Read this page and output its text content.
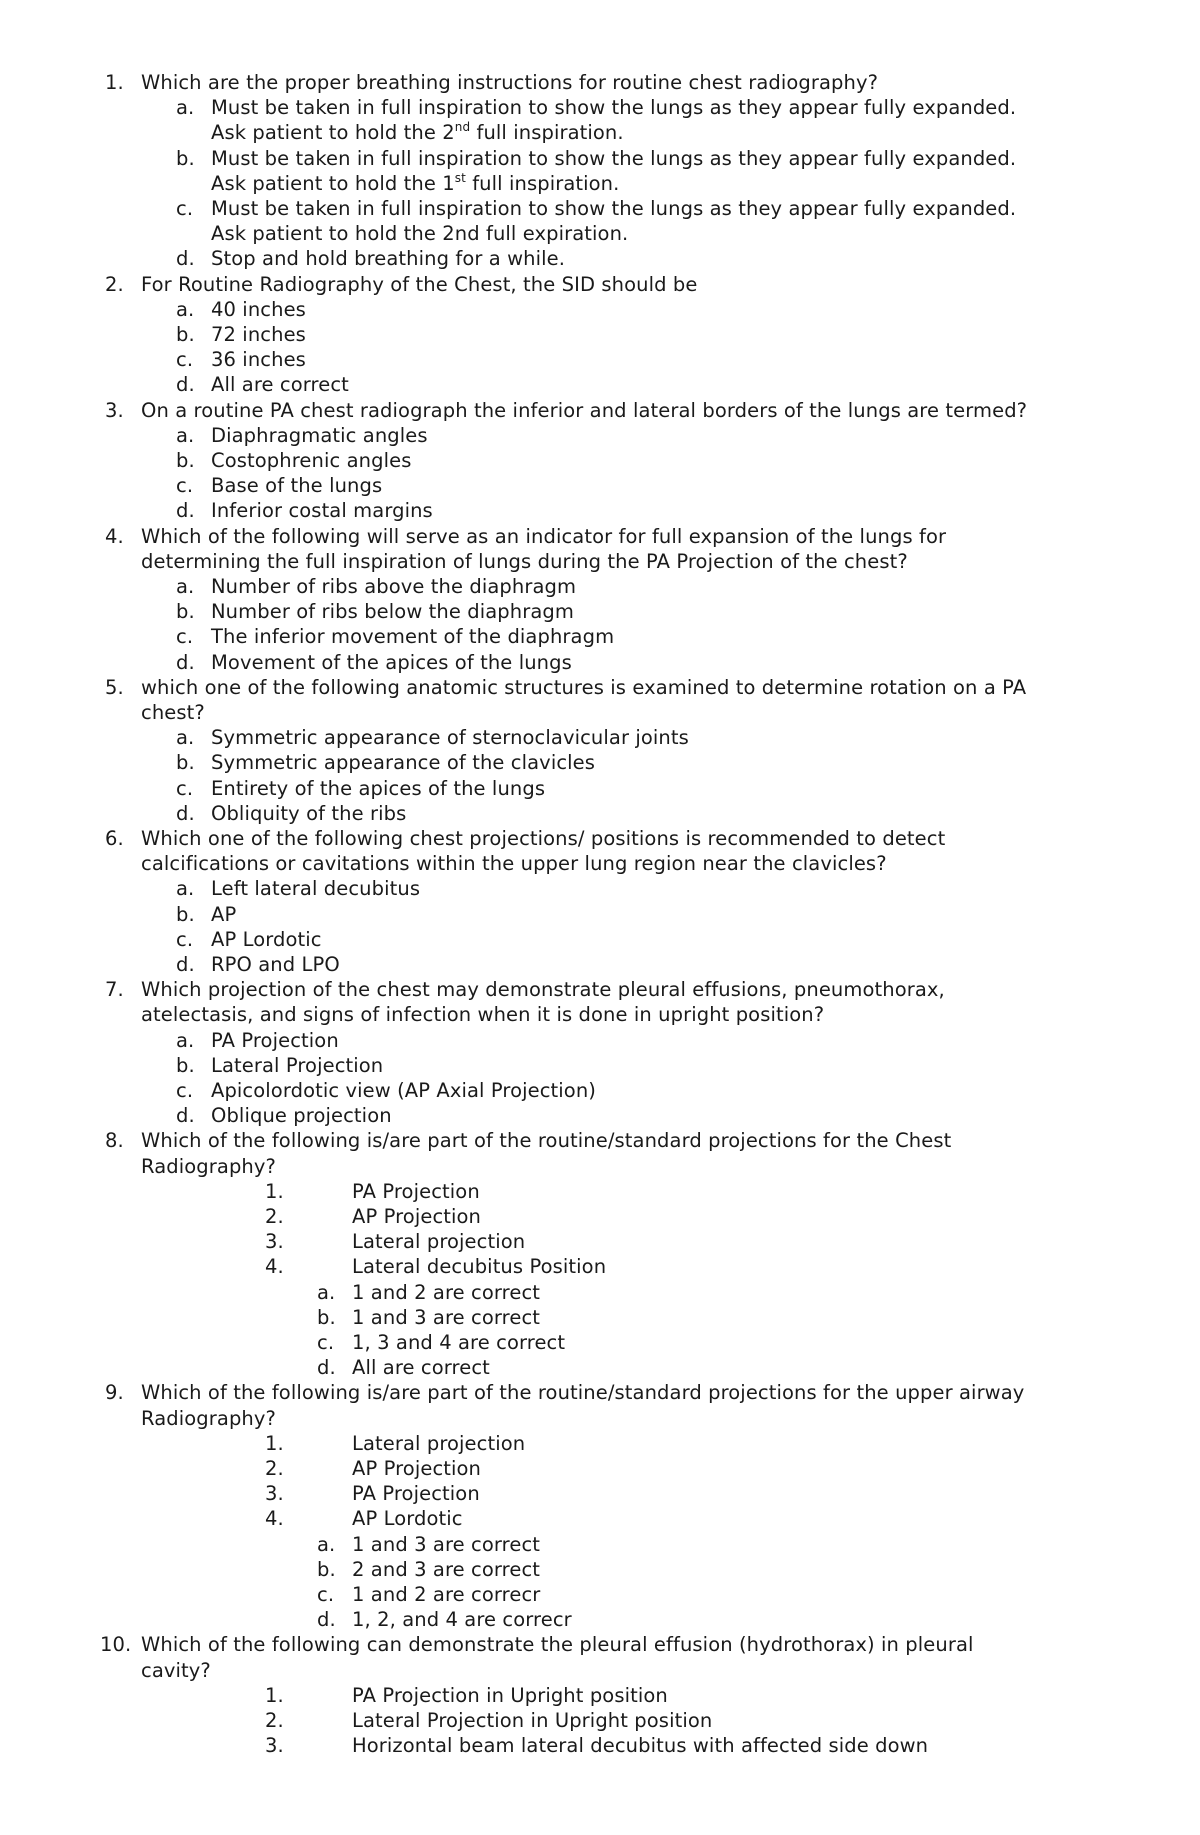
1. Which are the proper breathing instructions for routine chest radiography?
a. Must be taken in full inspiration to show the lungs as they appear fully expanded.
Ask patient to hold the 2nd full inspiration.
b. Must be taken in full inspiration to show the lungs as they appear fully expanded.
Ask patient to hold the 1st full inspiration.
c. Must be taken in full inspiration to show the lungs as they appear fully expanded.
Ask patient to hold the 2nd full expiration.
d. Stop and hold breathing for a while.
2. For Routine Radiography of the Chest, the SID should be
a. 40 inches
b. 72 inches
c. 36 inches
d. All are correct
3. On a routine PA chest radiograph the inferior and lateral borders of the lungs are termed?
a. Diaphragmatic angles
b. Costophrenic angles
c. Base of the lungs
d. Inferior costal margins
4. Which of the following will serve as an indicator for full expansion of the lungs for
determining the full inspiration of lungs during the PA Projection of the chest?
a. Number of ribs above the diaphragm
b. Number of ribs below the diaphragm
c. The inferior movement of the diaphragm
d. Movement of the apices of the lungs
5. which one of the following anatomic structures is examined to determine rotation on a PA
chest?
a. Symmetric appearance of sternoclavicular joints
b. Symmetric appearance of the clavicles
c. Entirety of the apices of the lungs
d. Obliquity of the ribs
6. Which one of the following chest projections/ positions is recommended to detect
calcifications or cavitations within the upper lung region near the clavicles?
a. Left lateral decubitus
b. AP
c. AP Lordotic
d. RPO and LPO
7. Which projection of the chest may demonstrate pleural effusions, pneumothorax,
atelectasis, and signs of infection when it is done in upright position?
a. PA Projection
b. Lateral Projection
c. Apicolordotic view (AP Axial Projection)
d. Oblique projection
8. Which of the following is/are part of the routine/standard projections for the Chest
Radiography?
1.	PA Projection
2.	AP Projection
3.	Lateral projection
4.	Lateral decubitus Position
a. 1 and 2 are correct
b. 1 and 3 are correct
c. 1, 3 and 4 are correct
d. All are correct
9. Which of the following is/are part of the routine/standard projections for the upper airway
Radiography?
1.	Lateral projection
2.	AP Projection
3.	PA Projection
4.	AP Lordotic
a. 1 and 3 are correct
b. 2 and 3 are correct
c. 1 and 2 are correcr
d. 1, 2, and 4 are correcr
10. Which of the following can demonstrate the pleural effusion (hydrothorax) in pleural
cavity?
1.	PA Projection in Upright position
2.	Lateral Projection in Upright position
3.	Horizontal beam lateral decubitus with affected side down
